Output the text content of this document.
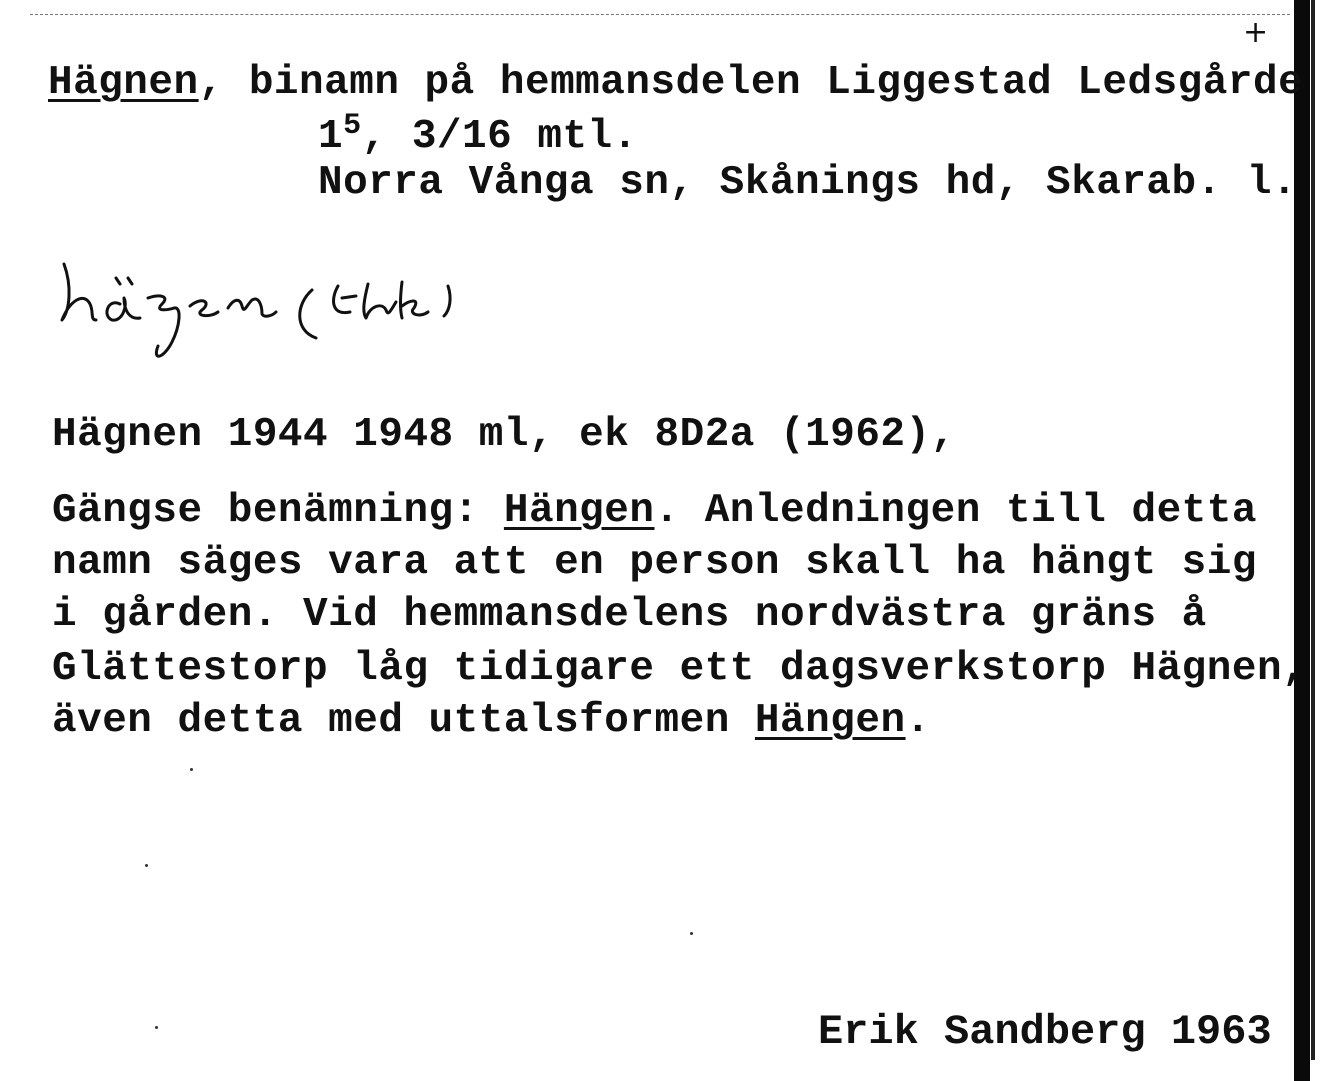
+
Hägnen, binamn på hemmansdelen Liggestad Ledsgårde
$1^5$, 3/16 mtl.
Norra Vånga sn, Skånings hd, Skarab. l.
Hägnen 1944 1948 ml, ek 8D2a (1962),
Gängse benämning: Hängen. Anledningen till detta
namn säges vara att en person skall ha hängt sig
i gården. Vid hemmansdelens nordvästra gräns å
Glättestorp låg tidigare ett dagsverkstorp Hägnen,
även detta med uttalsformen Hängen.
Erik Sandberg 1963
